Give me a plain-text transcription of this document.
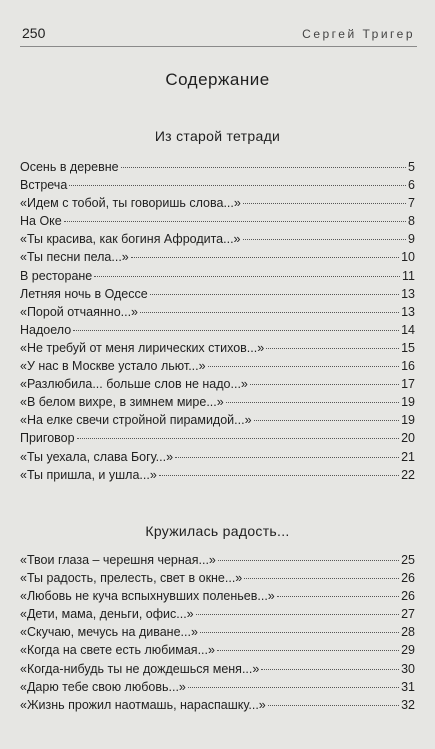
250	Сергей Тригер
Содержание
Из старой тетради
Осень в деревне	5
Встреча	6
«Идем с тобой, ты говоришь слова...»	7
На Оке	8
«Ты красива, как богиня Афродита...»	9
«Ты песни пела...»	10
В ресторане	11
Летняя ночь в Одессе	13
«Порой отчаянно...»	13
Надоело	14
«Не требуй от меня лирических стихов...»	15
«У нас в Москве устало льют...»	16
«Разлюбила... больше слов не надо...»	17
«В белом вихре, в зимнем мире...»	19
«На елке свечи стройной пирамидой...»	19
Приговор	20
«Ты уехала, слава Богу...»	21
«Ты пришла, и ушла...»	22
Кружилась радость...
«Твои глаза – черешня черная...»	25
«Ты радость, прелесть, свет в окне...»	26
«Любовь не куча вспыхнувших поленьев...»	26
«Дети, мама, деньги, офис...»	27
«Скучаю, мечусь на диване...»	28
«Когда на свете есть любимая...»	29
«Когда-нибудь ты не дождешься меня...»	30
«Дарю тебе свою любовь...»	31
«Жизнь прожил наотмашь, нараспашку...»	32
